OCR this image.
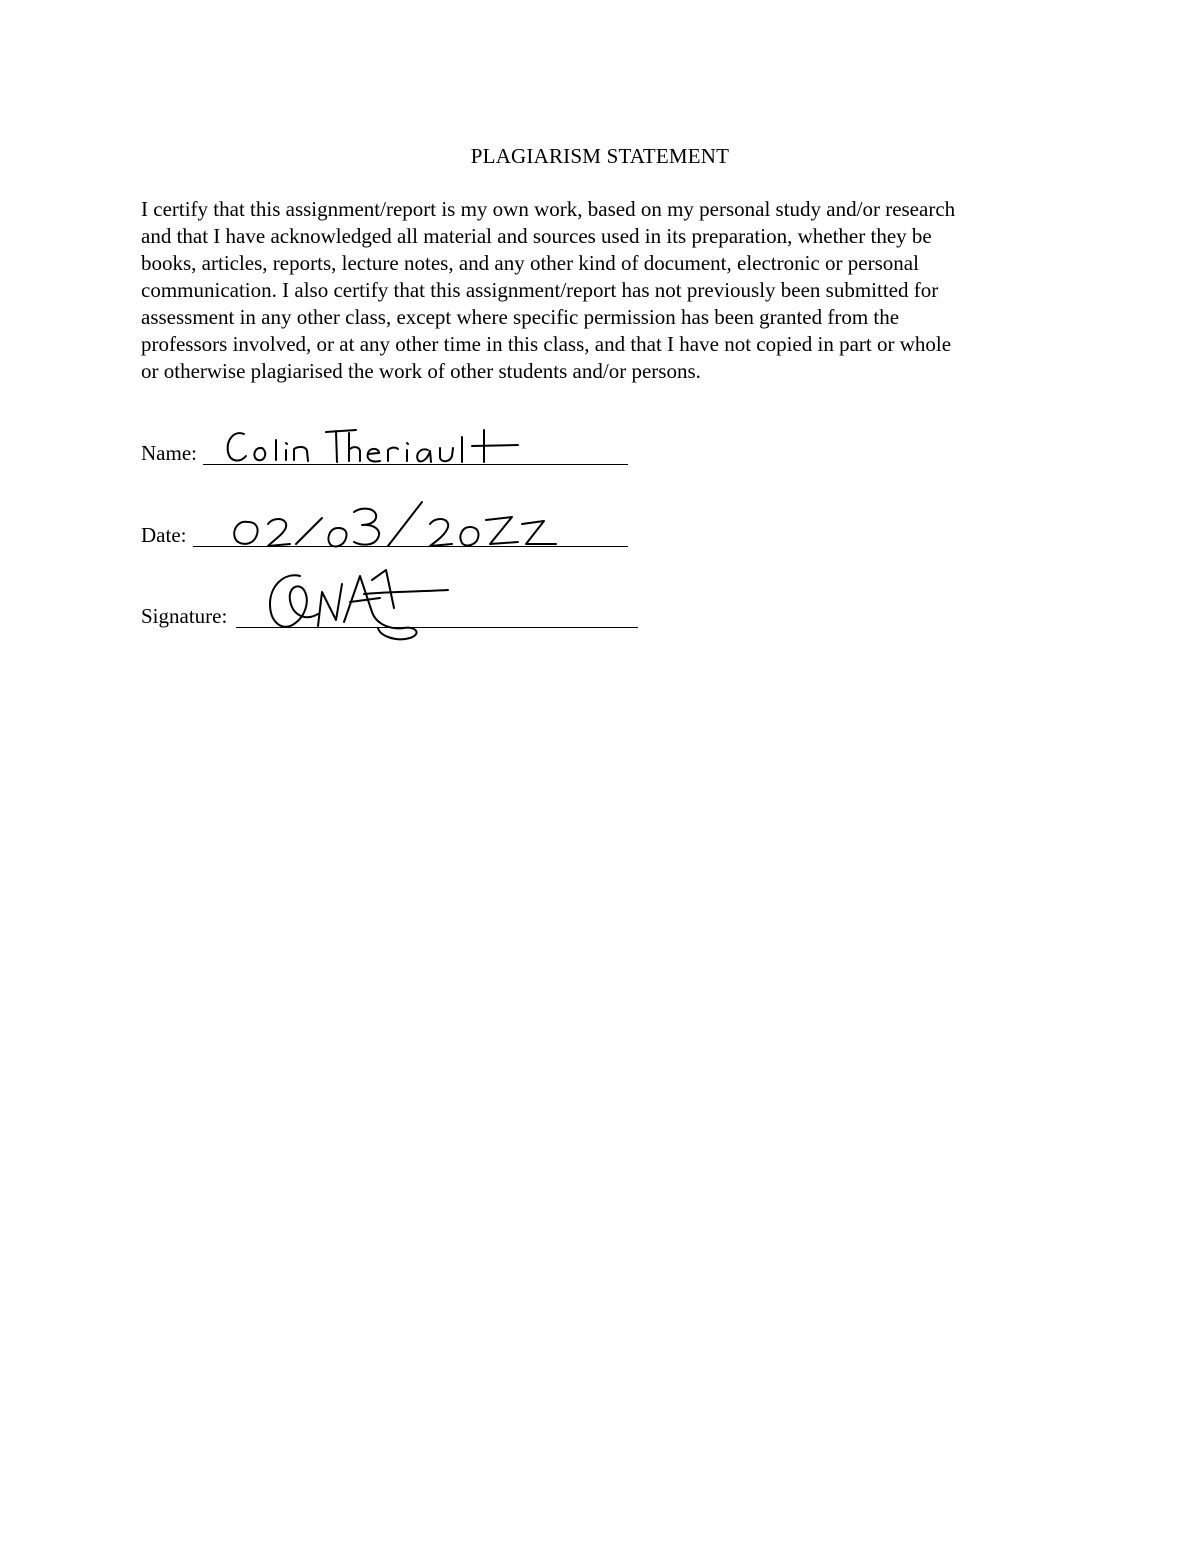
PLAGIARISM STATEMENT

I certify that this assignment/report is my own work, based on my personal study and/or research
and that I have acknowledged all material and sources used in its preparation, whether they be
books, articles, reports, lecture notes, and any other kind of document, electronic or personal
communication. I also certify that this assignment/report has not previously been submitted for
assessment in any other class, except where specific permission has been granted from the
professors involved, or at any other time in this class, and that I have not copied in part or whole
or otherwise plagiarised the work of other students and/or persons.

Name:
Date:
Signature:
